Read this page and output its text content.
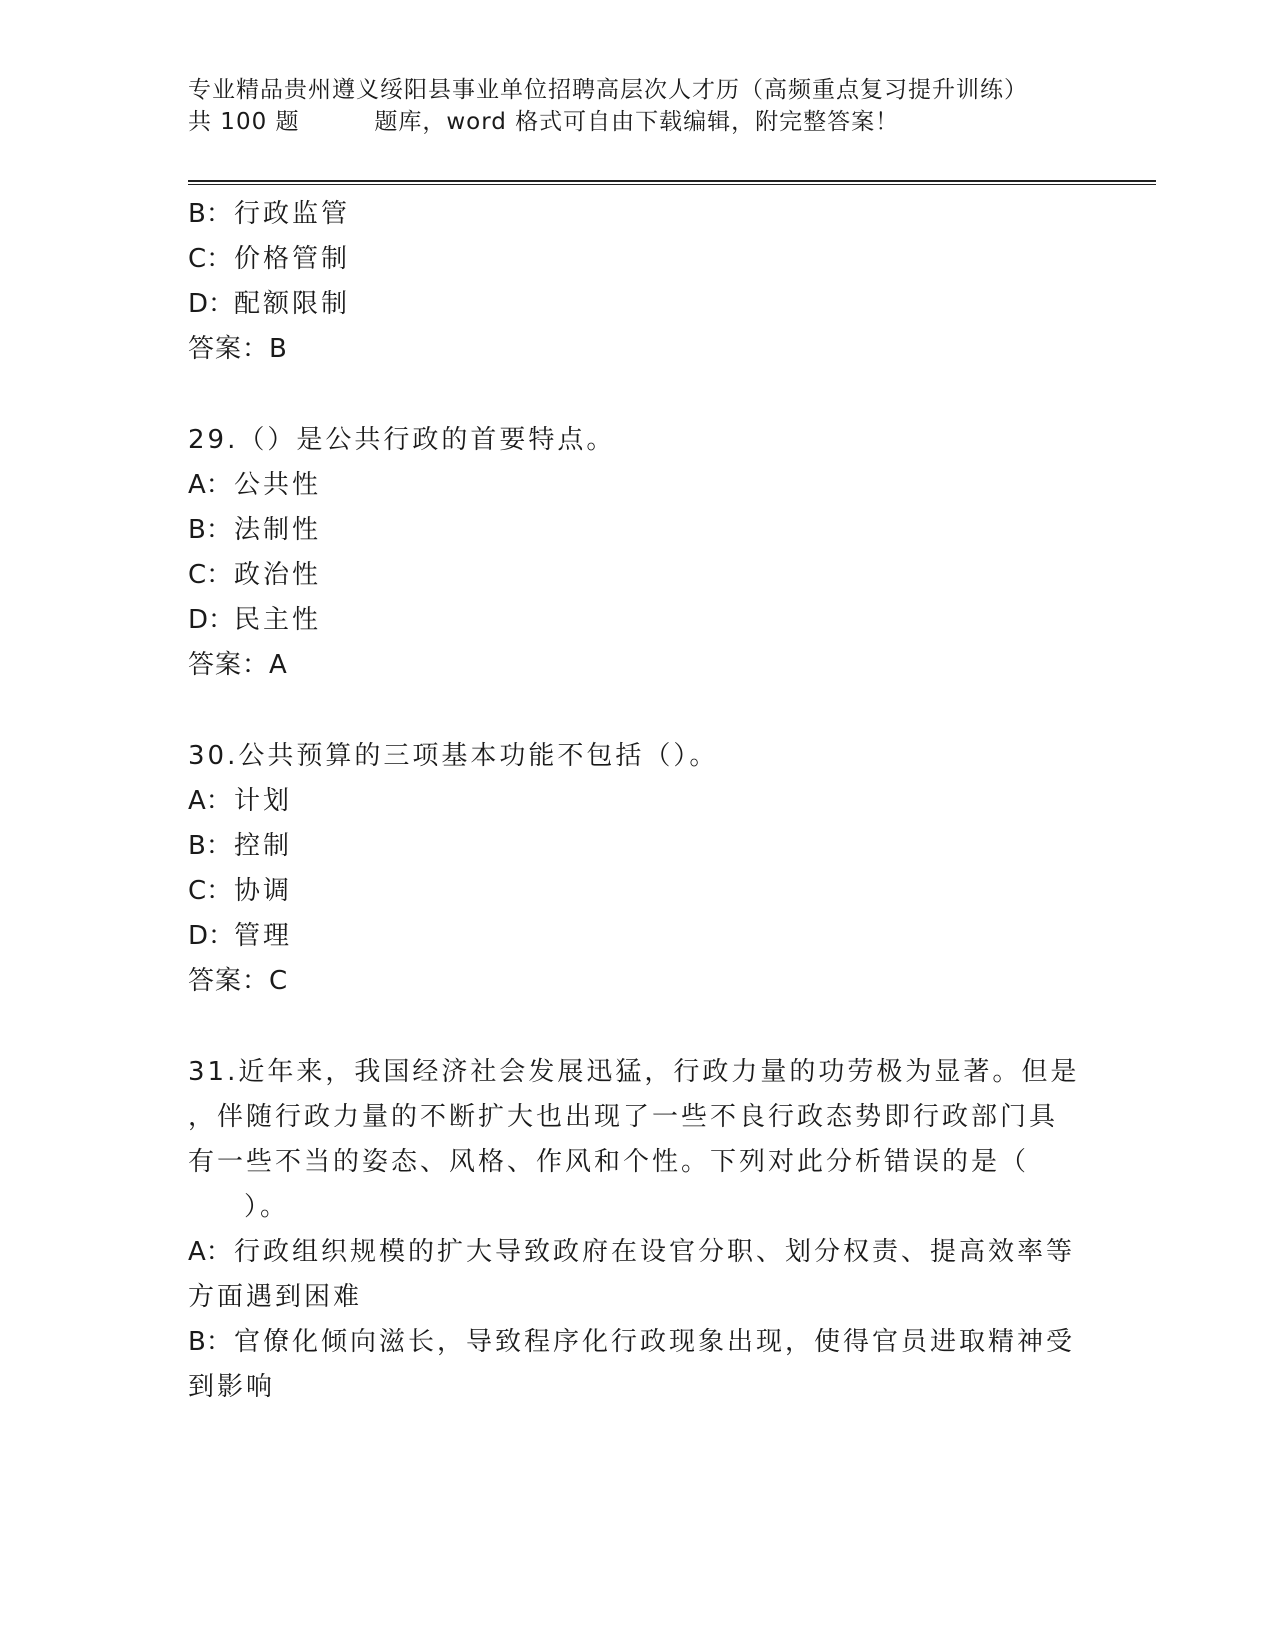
专业精品贵州遵义绥阳县事业单位招聘高层次人才历（高频重点复习提升训练）
共 100 题         题库，word 格式可自由下载编辑，附完整答案！
B：行政监管
C：价格管制
D：配额限制
答案：B
29.（）是公共行政的首要特点。
A：公共性
B：法制性
C：政治性
D：民主性
答案：A
30.公共预算的三项基本功能不包括（）。
A：计划
B：控制
C：协调
D：管理
答案：C
31.近年来，我国经济社会发展迅猛，行政力量的功劳极为显著。但是
，伴随行政力量的不断扩大也出现了一些不良行政态势即行政部门具
有一些不当的姿态、风格、作风和个性。下列对此分析错误的是（
）。
A：行政组织规模的扩大导致政府在设官分职、划分权责、提高效率等
方面遇到困难
B：官僚化倾向滋长，导致程序化行政现象出现，使得官员进取精神受
到影响
